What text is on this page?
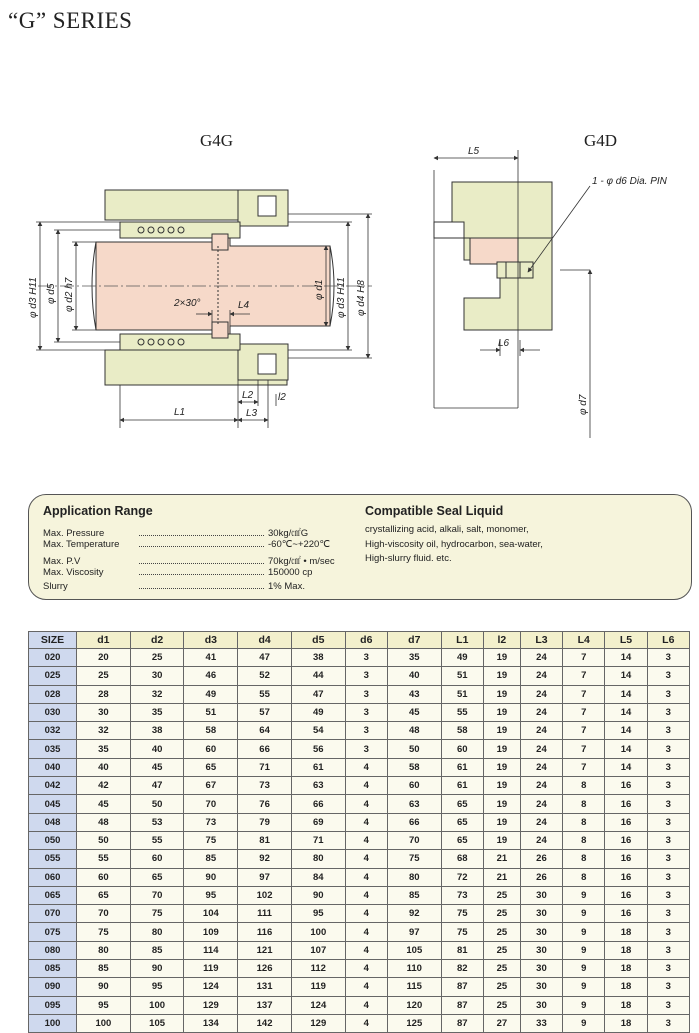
“G” SERIES
G4G	G4D
φ d3 H11 φ d5 φ d2 h7	φ d1 φ d3 H11 φ d4 H8
2×30°	L4
L1
L2
L3
l2
L5
L6
φ d7
1 - φ d6 Dia. PIN
Application Range
Max. Pressure	30kg/㎠G
Max. Temperature	-60℃~+220℃
Max. P.V	70kg/㎠ • m/sec
Max. Viscosity	150000 cp
Slurry	1% Max.
Compatible Seal Liquid
crystallizing acid, alkali, salt, monomer,
High-viscosity oil, hydrocarbon, sea-water,
High-slurry fluid. etc.
SIZE	d1	d2	d3	d4	d5	d6	d7	L1	l2	L3	L4	L5	L6
020	20	25	41	47	38	3	35	49	19	24	7	14	3
025	25	30	46	52	44	3	40	51	19	24	7	14	3
028	28	32	49	55	47	3	43	51	19	24	7	14	3
030	30	35	51	57	49	3	45	55	19	24	7	14	3
032	32	38	58	64	54	3	48	58	19	24	7	14	3
035	35	40	60	66	56	3	50	60	19	24	7	14	3
040	40	45	65	71	61	4	58	61	19	24	7	14	3
042	42	47	67	73	63	4	60	61	19	24	8	16	3
045	45	50	70	76	66	4	63	65	19	24	8	16	3
048	48	53	73	79	69	4	66	65	19	24	8	16	3
050	50	55	75	81	71	4	70	65	19	24	8	16	3
055	55	60	85	92	80	4	75	68	21	26	8	16	3
060	60	65	90	97	84	4	80	72	21	26	8	16	3
065	65	70	95	102	90	4	85	73	25	30	9	16	3
070	70	75	104	111	95	4	92	75	25	30	9	16	3
075	75	80	109	116	100	4	97	75	25	30	9	18	3
080	80	85	114	121	107	4	105	81	25	30	9	18	3
085	85	90	119	126	112	4	110	82	25	30	9	18	3
090	90	95	124	131	119	4	115	87	25	30	9	18	3
095	95	100	129	137	124	4	120	87	25	30	9	18	3
100	100	105	134	142	129	4	125	87	27	33	9	18	3
